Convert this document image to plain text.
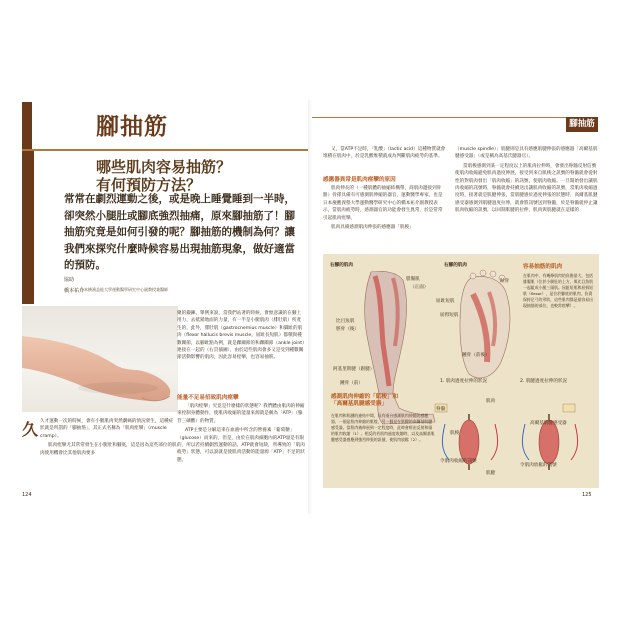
腳抽筋
哪些肌肉容易抽筋？
有何預防方法？
常常在劇烈運動之後，或是晚上睡覺睡到一半時，卻突然小腿肚或腳底強烈抽痛，原來腳抽筋了！腳抽筋究竟是如何引發的呢？腳抽筋的機制為何？讓我們來探究什麼時候容易出現抽筋現象，做好適當的預防。
協助
橋本祐介
日本横濱益能大學運動醫學研究中心副教授兼醫師
久 久才運動一次的時候，會有小腿肌肉突然劇痛的情況發生，這種症狀就是所謂的「腳抽筋」，其正式名稱為「肌肉痙攣」（muscle cramp）。

肌肉痙攣尤其常常發生在小腿肚和腳底，這是因為這些部位的肌肉使用機會比其他肌肉要多

聚的鍛鍊，舉例來說，當我們站著的時候，會無意識的在腳上用力，去抵銷地面的力量，有一半是小腿肌肉（腓肚肌）所產生的，此外，腓肚肌（gastrocnemius muscle）和脚趾的肌肉（flexor hallucis brevis muscle，屈趾長短肌）都積與種數關節，以腳趾點為例，就是踝關節的和踝關節（ankle joint）連接在一起的（右頁插圖），由於這些肌肉會多又是受到種數關節活動影響的肌肉，因此容易痙攣，也容易抽筋。

能量不足易招致肌肉痙攣

「肌肉痙攣」究竟是什麼樣的狀態呢？我們體由肌肉的伸縮來控制身體動作，使肌肉收縮的能量來源就是稱為「ATP」（腺苷三磷酸）的物質。

ATP主要是分解這來在血液中所含的營養素「葡萄糖」（glucose）而來的，但是，由於在肌肉細胞內的ATP量是有限的，所以若持續劇烈運動的話，ATP就會短缺，所導致的「肌肉疲勞」狀態，可以說就是使肌肉活動的能量源「ATP」不足的狀態。

124
腳抽筋

又，當ATP不足時，「乳酸」（lactic acid）這種物質就會堆積在肌肉中，於是乳酸堆積就成為判斷肌肉疲勞的基準。

感應器異常是肌肉痙攣的原因

肌肉伸長的（一種肌體的抽縮結構帶，商肌肉邊接到骨骼）骨孫具備有可感測肌伸縮的器官，運動醫學專家，也是日本慶應義塾大學運動醫學研究中心的橋本祐介副教授表示，當肌肉疲勞時，感測器官的功能會發生異常，於是常常引起肌肉痙攣。

肌肉具備感測肌肉伸張的感應器「肌梭」

（muscle spindle）」肌腱則是具有感應肌腱伸張的感應器「高爾基肌腱感受器」（或是稱為高基氏腱器官）。

當肌梭感測到某一定程度以上的肌肉拉伸時，會發出脊髓反射信號使肌肉收縮避免肌肉過度伸展，接受到來自肌梭之訊號的脊髓就會從射性的對肌肉發出「肌肉收縮」的訊號，使肌肉收縮。一旦開始發出讓肌肉收縮的訊號時，脊髓就會持續送出讓肌肉收縮的訊號，當肌肉收縮過度時，接著就是肌腱伸張，當肌腱感於過度伸張的狀態時，高爾基肌腱感受器感測到肌腱過度拉伸，就會將訊號送到脊髓，於是脊髓就停止讓肌肉收縮的訊號，以回制肌腱的拉伸，肌肉與肌腱就在這樣的

右腳的肌肉	右腳的肌肉
腓腸肌
（正面）
比目魚肌
脛骨（後）
阿基里斯腱（跟腱）
踵骨（前）
屈趾短肌
屈拇短肌
趾骨
踵骨（前後）
容易抽筋的肌肉
在肌肉中，有幾條肌肉的負擔最大，包括腓腸肌（位於小腿肚的上方，與比目魚肌一起組成小腿三頭肌。屈趾短肌和屈拇短肌（flexor），是位於腳底的肌肉，負責保持足弓的形狀，這些肌肉都是最容易出現抽筋的部位，也較常痙攣）。
感測肌肉伸縮的「肌梭」和
「高爾基肌腱感受器」
在肌肉和肌腱的連結中間，具有兩台感測肌肉伸縮的感應器，一個是肌肉伸縮的肌梭，另一個是在肌腱的高爾基肌腱感受器。當肌肉被伸展到一定程度時，此時會經由反射和頭的肌肉收縮（1）。相反的若肌肉過度收縮時，以及高爾基肌腱感受器感應到強烈伸張的訊號，使肌肉放鬆（2）。
1. 肌肉過度拉伸的狀況	2. 肌腱過度拉伸的狀況
脊髓
肌肉
肌腱
高爾基肌腱感受器
肌梭
令肌肉收縮的訊號
令肌肉放鬆的訊號
125
